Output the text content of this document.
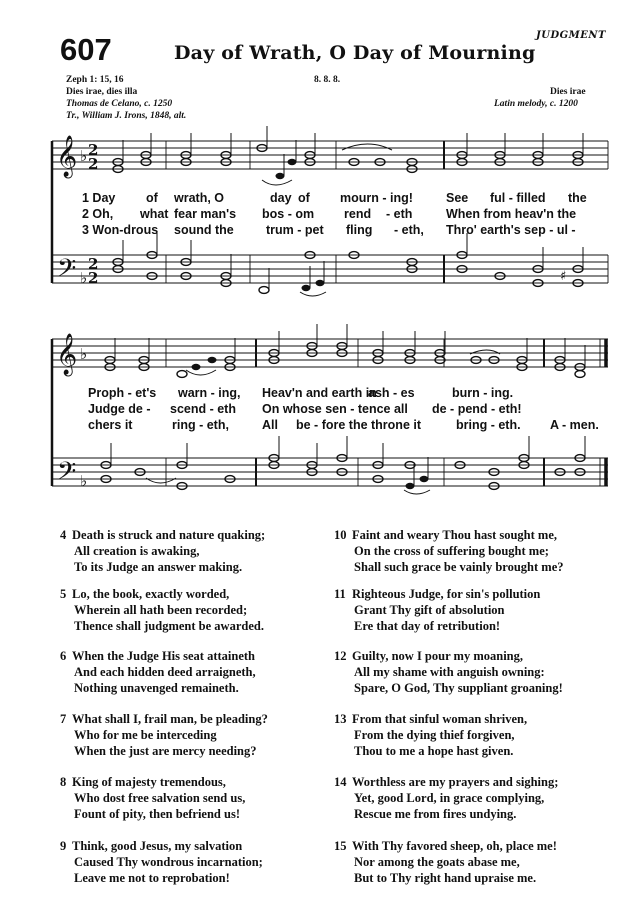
JUDGMENT
607	Day of Wrath, O Day of Mourning
Zeph 1: 15, 16
Dies irae, dies illa
Thomas de Celano, c. 1250
Tr., William J. Irons, 1848, alt.
8. 8. 8.
Dies irae
Latin melody, c. 1200
𝄞
𝄢
2
2
2
2
♭
♭	♯
1 Day of wrath, O	day of mourn - ing!	See ful - filled the
2 Oh, what fear man's bos - om rend - eth	When from heav'n the
3 Won-drous sound the	trum - pet fling - eth, Thro' earth's sep - ul -
𝄞
𝄢
♭
♭
Proph - et's warn - ing, Heav'n and earth in
ash - es	burn - ing.
Judge de - scend - eth On whose sen - tence all de - pend - eth!
chers it	ring - eth,	All be - fore the throne it	bring - eth. A - men.
4 Death is struck and nature quaking;
All creation is awaking,
To its Judge an answer making.
5 Lo, the book, exactly worded,
Wherein all hath been recorded;
Thence shall judgment be awarded.
6 When the Judge His seat attaineth
And each hidden deed arraigneth,
Nothing unavenged remaineth.
7 What shall I, frail man, be pleading?
Who for me be interceding
When the just are mercy needing?
8 King of majesty tremendous,
Who dost free salvation send us,
Fount of pity, then befriend us!
9 Think, good Jesus, my salvation
Caused Thy wondrous incarnation;
Leave me not to reprobation!
10 Faint and weary Thou hast sought me,
On the cross of suffering bought me;
Shall such grace be vainly brought me?
11 Righteous Judge, for sin's pollution
Grant Thy gift of absolution
Ere that day of retribution!
12 Guilty, now I pour my moaning,
All my shame with anguish owning:
Spare, O God, Thy suppliant groaning!
13 From that sinful woman shriven,
From the dying thief forgiven,
Thou to me a hope hast given.
14 Worthless are my prayers and sighing;
Yet, good Lord, in grace complying,
Rescue me from fires undying.
15 With Thy favored sheep, oh, place me!
Nor among the goats abase me,
But to Thy right hand upraise me.
